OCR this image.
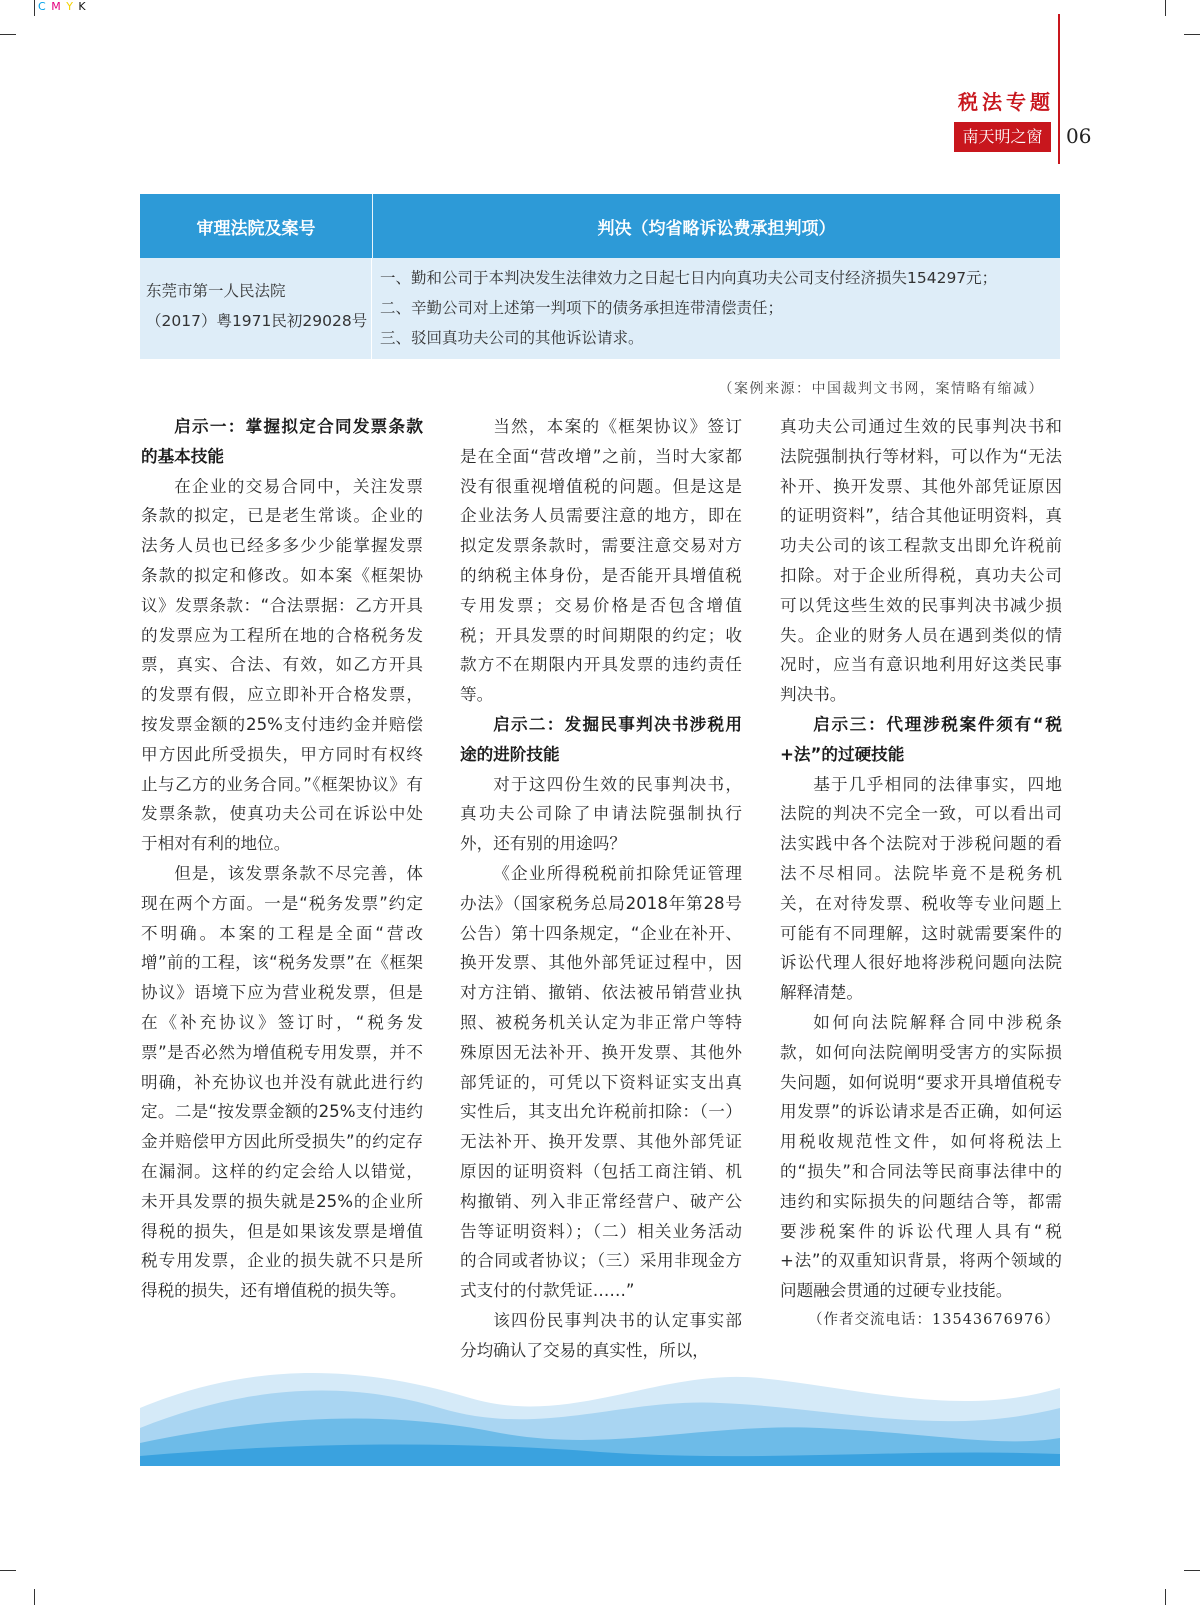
C M Y K
税法专题
南天明之窗	06
审理法院及案号	判决（均省略诉讼费承担判项）
东莞市第一人民法院
（2017）粤1971民初29028号
一、勤和公司于本判决发生法律效力之日起七日内向真功夫公司支付经济损失154297元；
二、辛勤公司对上述第一判项下的债务承担连带清偿责任；
三、驳回真功夫公司的其他诉讼请求。
（案例来源：中国裁判文书网，案情略有缩减）
启示一：掌握拟定合同发票条款的基本技能

在企业的交易合同中，关注发票条款的拟定，已是老生常谈。企业的法务人员也已经多多少少能掌握发票条款的拟定和修改。如本案《框架协议》发票条款：“合法票据：乙方开具的发票应为工程所在地的合格税务发票，真实、合法、有效，如乙方开具的发票有假，应立即补开合格发票，按发票金额的25%支付违约金并赔偿甲方因此所受损失，甲方同时有权终止与乙方的业务合同。”《框架协议》有发票条款，使真功夫公司在诉讼中处于相对有利的地位。

但是，该发票条款不尽完善，体现在两个方面。一是“税务发票”约定不明确。本案的工程是全面“营改增”前的工程，该“税务发票”在《框架协议》语境下应为营业税发票，但是在《补充协议》签订时，“税务发票”是否必然为增值税专用发票，并不明确，补充协议也并没有就此进行约定。二是“按发票金额的25%支付违约金并赔偿甲方因此所受损失”的约定存在漏洞。这样的约定会给人以错觉，未开具发票的损失就是25%的企业所得税的损失，但是如果该发票是增值税专用发票，企业的损失就不只是所得税的损失，还有增值税的损失等。

当然，本案的《框架协议》签订是在全面“营改增”之前，当时大家都没有很重视增值税的问题。但是这是企业法务人员需要注意的地方，即在拟定发票条款时，需要注意交易对方的纳税主体身份，是否能开具增值税专用发票；交易价格是否包含增值税；开具发票的时间期限的约定；收款方不在期限内开具发票的违约责任等。

启示二：发掘民事判决书涉税用途的进阶技能

对于这四份生效的民事判决书，真功夫公司除了申请法院强制执行外，还有别的用途吗？

《企业所得税税前扣除凭证管理办法》（国家税务总局2018年第28号公告）第十四条规定，“企业在补开、换开发票、其他外部凭证过程中，因对方注销、撤销、依法被吊销营业执照、被税务机关认定为非正常户等特殊原因无法补开、换开发票、其他外部凭证的，可凭以下资料证实支出真实性后，其支出允许税前扣除：（一）无法补开、换开发票、其他外部凭证原因的证明资料（包括工商注销、机构撤销、列入非正常经营户、破产公告等证明资料）；（二）相关业务活动的合同或者协议；（三）采用非现金方式支付的付款凭证……”

该四份民事判决书的认定事实部分均确认了交易的真实性，所以，

真功夫公司通过生效的民事判决书和法院强制执行等材料，可以作为“无法补开、换开发票、其他外部凭证原因的证明资料”，结合其他证明资料，真功夫公司的该工程款支出即允许税前扣除。对于企业所得税，真功夫公司可以凭这些生效的民事判决书减少损失。企业的财务人员在遇到类似的情况时，应当有意识地利用好这类民事判决书。

启示三：代理涉税案件须有“税+法”的过硬技能

基于几乎相同的法律事实，四地法院的判决不完全一致，可以看出司法实践中各个法院对于涉税问题的看法不尽相同。法院毕竟不是税务机关，在对待发票、税收等专业问题上可能有不同理解，这时就需要案件的诉讼代理人很好地将涉税问题向法院解释清楚。

如何向法院解释合同中涉税条款，如何向法院阐明受害方的实际损失问题，如何说明“要求开具增值税专用发票”的诉讼请求是否正确，如何运用税收规范性文件，如何将税法上的“损失”和合同法等民商事法律中的违约和实际损失的问题结合等，都需要涉税案件的诉讼代理人具有“税+法”的双重知识背景，将两个领域的问题融会贯通的过硬专业技能。

（作者交流电话：13543676976）
